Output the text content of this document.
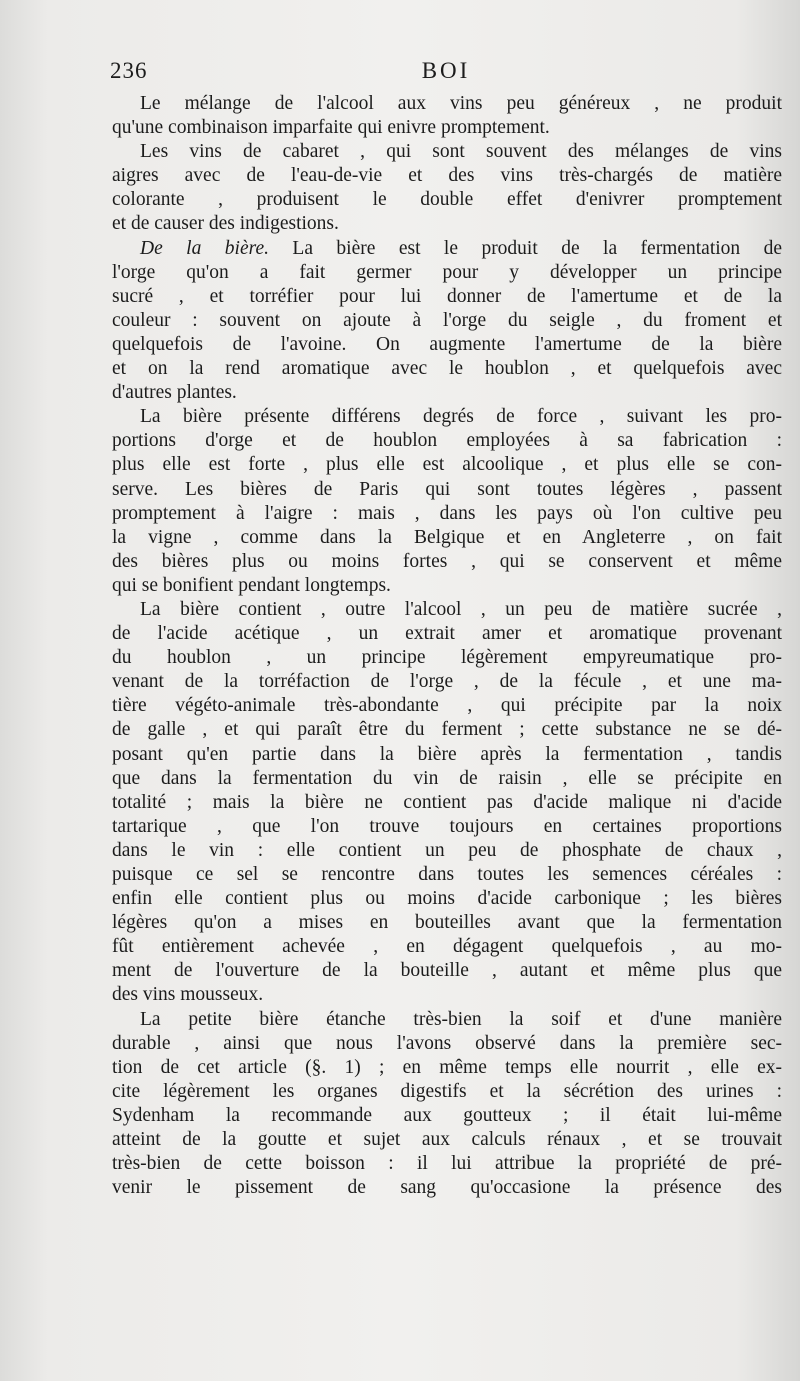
236	BOI
Le mélange de l'alcool aux vins peu généreux , ne produit
qu'une combinaison imparfaite qui enivre promptement.
Les vins de cabaret , qui sont souvent des mélanges de vins
aigres avec de l'eau-de-vie et des vins très-chargés de matière
colorante , produisent le double effet d'enivrer promptement
et de causer des indigestions.
De la bière. La bière est le produit de la fermentation de
l'orge qu'on a fait germer pour y développer un principe
sucré , et torréfier pour lui donner de l'amertume et de la
couleur : souvent on ajoute à l'orge du seigle , du froment et
quelquefois de l'avoine. On augmente l'amertume de la bière
et on la rend aromatique avec le houblon , et quelquefois avec
d'autres plantes.
La bière présente différens degrés de force , suivant les pro-
portions d'orge et de houblon employées à sa fabrication :
plus elle est forte , plus elle est alcoolique , et plus elle se con-
serve. Les bières de Paris qui sont toutes légères , passent
promptement à l'aigre : mais , dans les pays où l'on cultive peu
la vigne , comme dans la Belgique et en Angleterre , on fait
des bières plus ou moins fortes , qui se conservent et même
qui se bonifient pendant longtemps.
La bière contient , outre l'alcool , un peu de matière sucrée ,
de l'acide acétique , un extrait amer et aromatique provenant
du houblon , un principe légèrement empyreumatique pro-
venant de la torréfaction de l'orge , de la fécule , et une ma-
tière végéto-animale très-abondante , qui précipite par la noix
de galle , et qui paraît être du ferment ; cette substance ne se dé-
posant qu'en partie dans la bière après la fermentation , tandis
que dans la fermentation du vin de raisin , elle se précipite en
totalité ; mais la bière ne contient pas d'acide malique ni d'acide
tartarique , que l'on trouve toujours en certaines proportions
dans le vin : elle contient un peu de phosphate de chaux ,
puisque ce sel se rencontre dans toutes les semences céréales :
enfin elle contient plus ou moins d'acide carbonique ; les bières
légères qu'on a mises en bouteilles avant que la fermentation
fût entièrement achevée , en dégagent quelquefois , au mo-
ment de l'ouverture de la bouteille , autant et même plus que
des vins mousseux.
La petite bière étanche très-bien la soif et d'une manière
durable , ainsi que nous l'avons observé dans la première sec-
tion de cet article (§. 1) ; en même temps elle nourrit , elle ex-
cite légèrement les organes digestifs et la sécrétion des urines :
Sydenham la recommande aux goutteux ; il était lui-même
atteint de la goutte et sujet aux calculs rénaux , et se trouvait
très-bien de cette boisson : il lui attribue la propriété de pré-
venir le pissement de sang qu'occasione la présence des
